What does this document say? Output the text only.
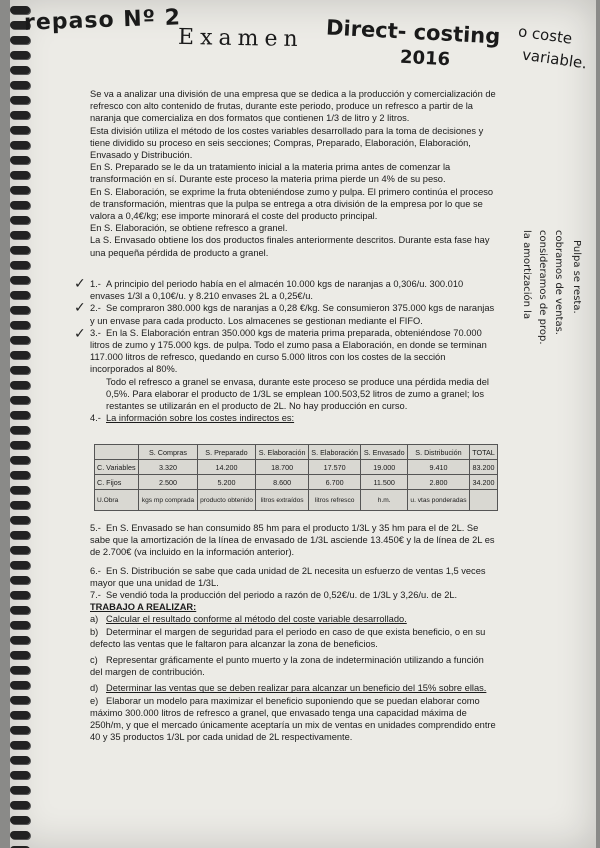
repaso Nº 2
Examen Direct- costing
2016
o coste
variable.

Se va a analizar una división de una empresa que se dedica a la producción y comercialización de refresco con alto contenido de frutas, durante este periodo, produce un refresco a partir de la naranja que comercializa en dos formatos que contienen 1/3 de litro y 2 litros.

Esta división utiliza el método de los costes variables desarrollado para la toma de decisiones y tiene dividido su proceso en seis secciones; Compras, Preparado, Elaboración, Elaboración, Envasado y Distribución.

En S. Preparado se le da un tratamiento inicial a la materia prima antes de comenzar la transformación en sí. Durante este proceso la materia prima pierde un 4% de su peso.

En S. Elaboración, se exprime la fruta obteniéndose zumo y pulpa. El primero continúa el proceso de transformación, mientras que la pulpa se entrega a otra división de la empresa por lo que se valora a 0,4€/kg; ese importe minorará el coste del producto principal.

En S. Elaboración, se obtiene refresco a granel.

La S. Envasado obtiene los dos productos finales anteriormente descritos. Durante esta fase hay una pequeña pérdida de producto a granel.

✓
✓
✓

1.- A principio del periodo había en el almacén 10.000 kgs de naranjas a 0,306/u. 300.010 envases 1/3l a 0,10€/u. y 8.210 envases 2L a 0,25€/u.

2.- Se compraron 380.000 kgs de naranjas a 0,28 €/kg. Se consumieron 375.000 kgs de naranjas y un envase para cada producto. Los almacenes se gestionan mediante el FIFO.

3.- En la S. Elaboración entran 350.000 kgs de materia prima preparada, obteniéndose 70.000 litros de zumo y 175.000 kgs. de pulpa. Todo el zumo pasa a Elaboración, en donde se terminan 117.000 litros de refresco, quedando en curso 5.000 litros con los costes de la sección incorporados al 80%.

Todo el refresco a granel se envasa, durante este proceso se produce una pérdida media del 0,5%. Para elaborar el producto de 1/3L se emplean 100.503,52 litros de zumo a granel; los restantes se utilizarán en el producto de 2L. No hay producción en curso.

4.- La información sobre los costes indirectos es:

	S. Compras	S. Preparado	S. Elaboración	S. Elaboración	S. Envasado	S. Distribución	TOTAL
C. Variables	3.320	14.200	18.700	17.570	19.000	9.410	83.200
C. Fijos	2.500	5.200	8.600	6.700	11.500	2.800	34.200
U.Obra	kgs mp comprada	producto obtenido	litros extraídos	litros refresco	h.m.	u. vtas ponderadas	

5.- En S. Envasado se han consumido 85 hm para el producto 1/3L y 35 hm para el de 2L. Se sabe que la amortización de la línea de envasado de 1/3L asciende 13.450€ y la de línea de 2L es de 2.700€ (va incluido en la información anterior).

6.- En S. Distribución se sabe que cada unidad de 2L necesita un esfuerzo de ventas 1,5 veces mayor que una unidad de 1/3L.

7.- Se vendió toda la producción del periodo a razón de 0,52€/u. de 1/3L y 3,26/u. de 2L.

TRABAJO A REALIZAR:

a) Calcular el resultado conforme al método del coste variable desarrollado.

b) Determinar el margen de seguridad para el periodo en caso de que exista beneficio, o en su defecto las ventas que le faltaron para alcanzar la zona de beneficios.

c) Representar gráficamente el punto muerto y la zona de indeterminación utilizando a función del margen de contribución.

d) Determinar las ventas que se deben realizar para alcanzar un beneficio del 15% sobre ellas.

e) Elaborar un modelo para maximizar el beneficio suponiendo que se puedan elaborar como máximo 300.000 litros de refresco a granel, que envasado tenga una capacidad máxima de 250h/m, y que el mercado únicamente aceptaría un mix de ventas en unidades comprendido entre 40 y 35 productos 1/3L por cada unidad de 2L respectivamente.

la amortización la consideramos de prop. cobramos de ventas. Pulpa se resta.
